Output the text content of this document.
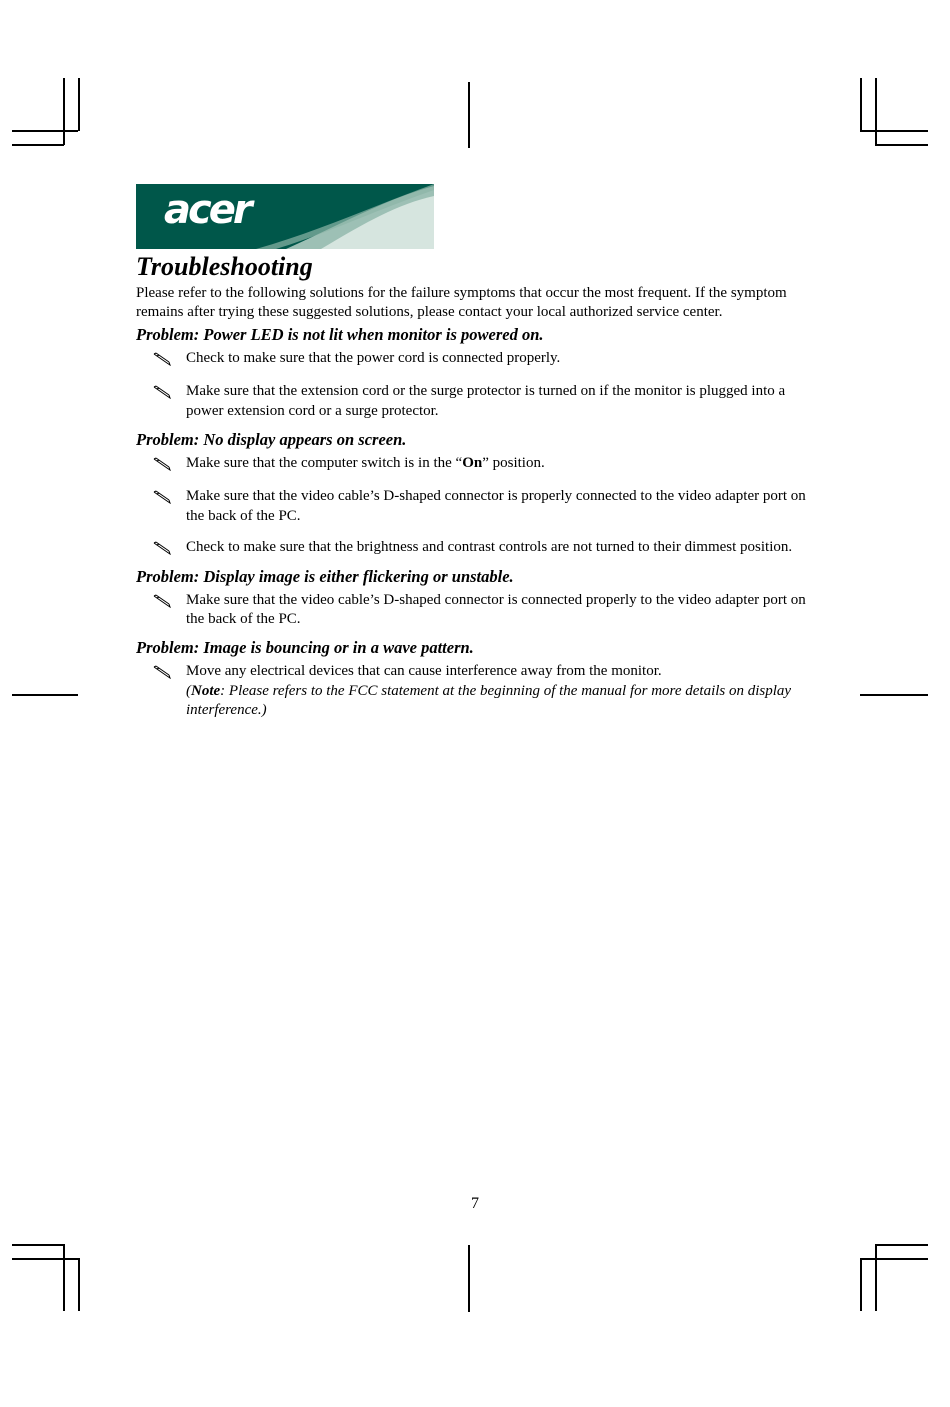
acer
Troubleshooting

Please refer to the following solutions for the failure symptoms that occur the most frequent. If the symptom remains after trying these suggested solutions, please contact your local authorized service center.

Problem: Power LED is not lit when monitor is powered on.
Check to make sure that the power cord is connected properly.
Make sure that the extension cord or the surge protector is turned on if the monitor is plugged into a power extension cord or a surge protector.
Problem: No display appears on screen.
Make sure that the computer switch is in the “On” position.
Make sure that the video cable’s D-shaped connector is properly connected to the video adapter port on the back of the PC.
Check to make sure that the brightness and contrast controls are not turned to their dimmest position.
Problem: Display image is either flickering or unstable.
Make sure that the video cable’s D-shaped connector is connected properly to the video adapter port on the back of the PC.
Problem: Image is bouncing or in a wave pattern.
Move any electrical devices that can cause interference away from the monitor.
(Note: Please refers to the FCC statement at the beginning of the manual for more details on display interference.)
7
